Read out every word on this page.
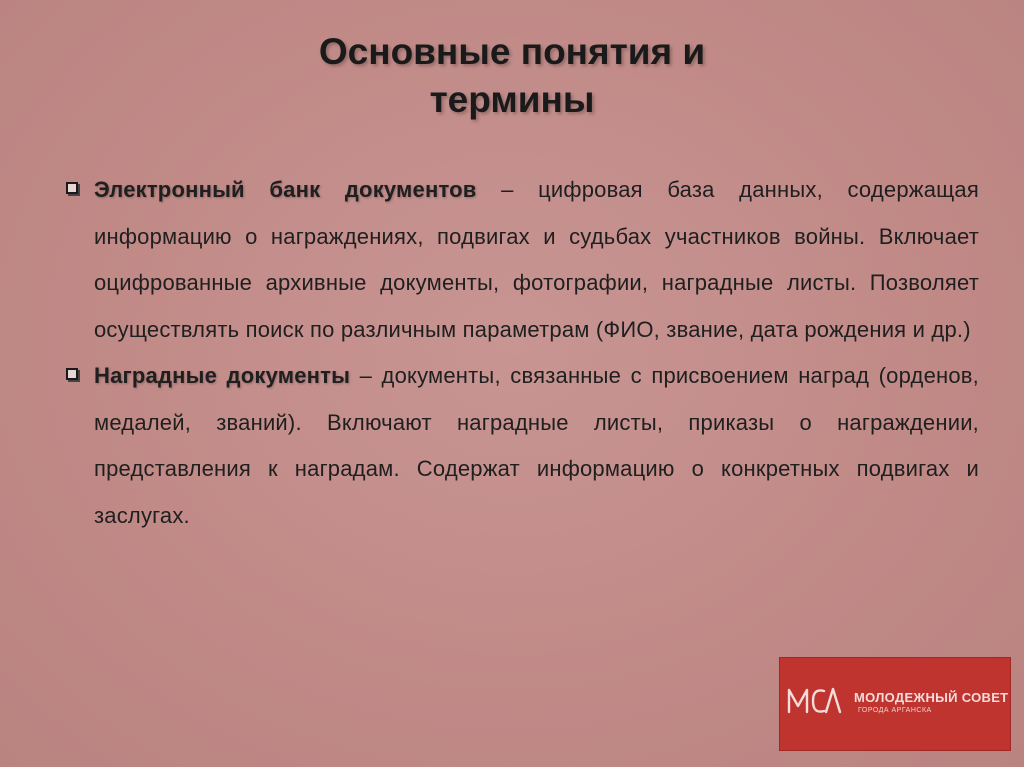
Основные понятия и
термины
Электронный банк документов – цифровая база данных, содержащая информацию о награждениях, подвигах и судьбах участников войны. Включает оцифрованные архивные документы, фотографии, наградные листы. Позволяет осуществлять поиск по различным параметрам (ФИО, звание, дата рождения и др.)
Наградные документы – документы, связанные с присвоением наград (орденов, медалей, званий). Включают наградные листы, приказы о награждении, представления к наградам. Содержат информацию о конкретных подвигах и заслугах.
МОЛОДЕЖНЫЙ СОВЕТ
ГОРОДА АРГАНСКА
